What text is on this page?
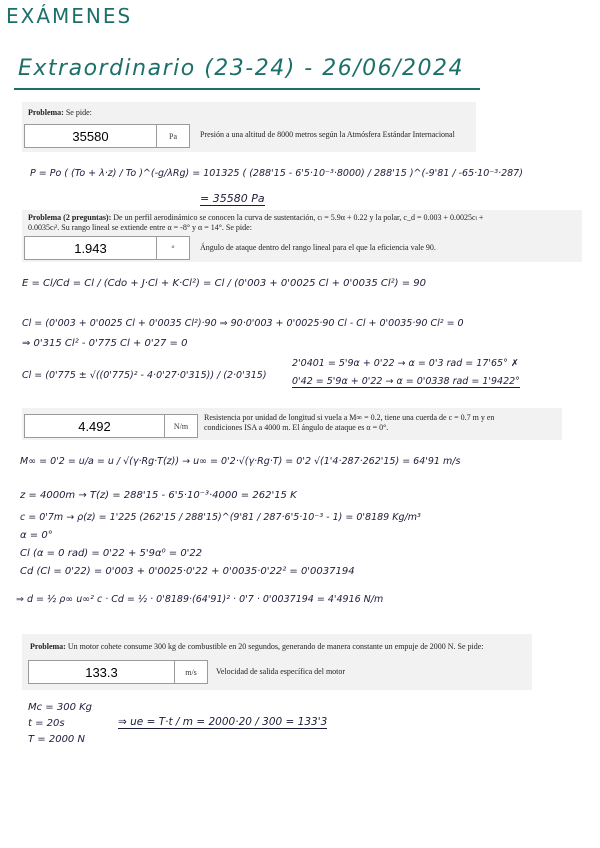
EXÁMENES
Extraordinario (23-24) - 26/06/2024
Problema: Se pide:
35580	Pa	Presión a una altitud de 8000 metros según la Atmósfera Estándar Internacional
P = Po ( (To + λ·z) / To )^(-g/λRg) = 101325 ( (288'15 - 6'5·10⁻³·8000) / 288'15 )^(-9'81 / -65·10⁻³·287)
= 35580 Pa
Problema (2 preguntas): De un perfil aerodinámico se conocen la curva de sustentación, cₗ = 5.9α + 0.22 y la polar, c_d = 0.003 + 0.0025cₗ +
0.0035cₗ². Su rango lineal se extiende entre α = -8° y α = 14°. Se pide:
1.943	°	Ángulo de ataque dentro del rango lineal para el que la eficiencia vale 90.
E = Cl/Cd = Cl / (Cdo + J·Cl + K·Cl²) = Cl / (0'003 + 0'0025 Cl + 0'0035 Cl²) = 90
Cl = (0'003 + 0'0025 Cl + 0'0035 Cl²)·90 ⇒ 90·0'003 + 0'0025·90 Cl - Cl + 0'0035·90 Cl² = 0
⇒ 0'315 Cl² - 0'775 Cl + 0'27 = 0
Cl = (0'775 ± √((0'775)² - 4·0'27·0'315)) / (2·0'315)
2'0401 = 5'9α + 0'22 → α = 0'3 rad = 17'65° ✗
0'42 = 5'9α + 0'22 → α = 0'0338 rad = 1'9422°
4.492	N/m
Resistencia por unidad de longitud si vuela a M∞ = 0.2, tiene una cuerda de c = 0.7 m y en
condiciones ISA a 4000 m. El ángulo de ataque es α = 0°.
M∞ = 0'2 = u/a = u / √(γ·Rg·T(z)) → u∞ = 0'2·√(γ·Rg·T) = 0'2 √(1'4·287·262'15) = 64'91 m/s
z = 4000m → T(z) = 288'15 - 6'5·10⁻³·4000 = 262'15 K
c = 0'7m → ρ(z) = 1'225 (262'15 / 288'15)^(9'81 / 287·6'5·10⁻³ - 1) = 0'8189 Kg/m³
α = 0°
Cl (α = 0 rad) = 0'22 + 5'9α⁰ = 0'22
Cd (Cl = 0'22) = 0'003 + 0'0025·0'22 + 0'0035·0'22² = 0'0037194
⇒ d = ½ ρ∞ u∞² c · Cd = ½ · 0'8189·(64'91)² · 0'7 · 0'0037194 = 4'4916 N/m
Problema: Un motor cohete consume 300 kg de combustible en 20 segundos, generando de manera constante un empuje de 2000 N. Se pide:
133.3	m/s	Velocidad de salida específica del motor
Mc = 300 Kg
t = 20s
T = 2000 N
⇒ ue = T·t / m = 2000·20 / 300 = 133'3
